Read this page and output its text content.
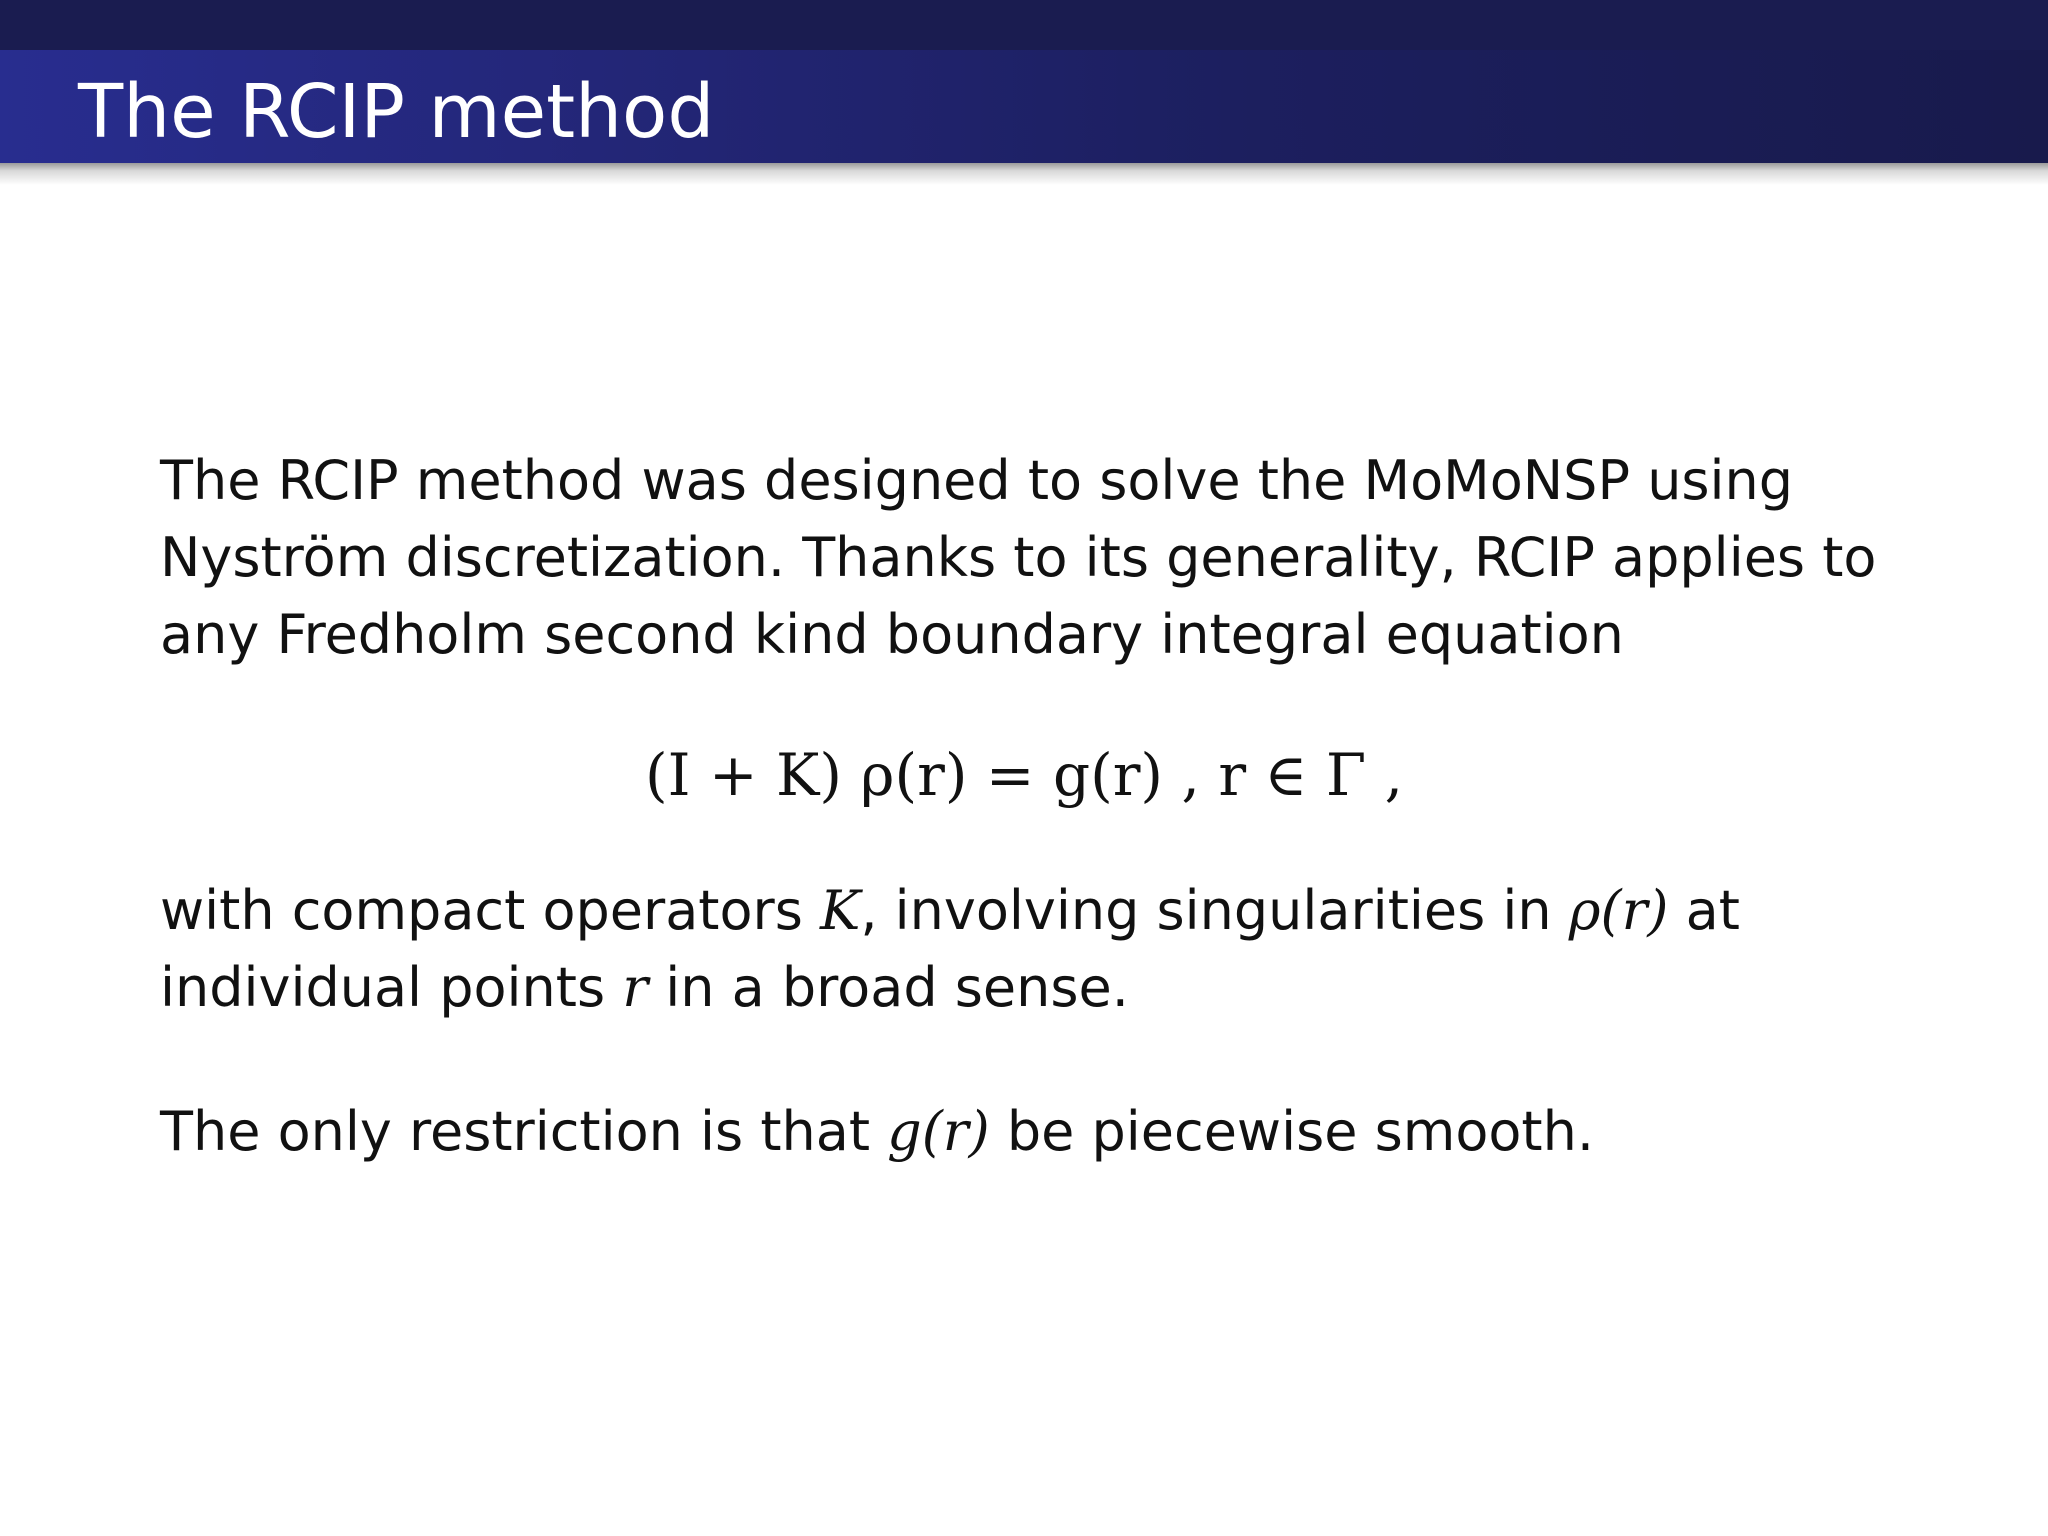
The RCIP method

The RCIP method was designed to solve the MoMoNSP using
Nyström discretization. Thanks to its generality, RCIP applies to
any Fredholm second kind boundary integral equation

(I + K) ρ(r) = g(r) , r ∈ Γ ,

with compact operators K, involving singularities in ρ(r) at
individual points r in a broad sense.

The only restriction is that g(r) be piecewise smooth.
